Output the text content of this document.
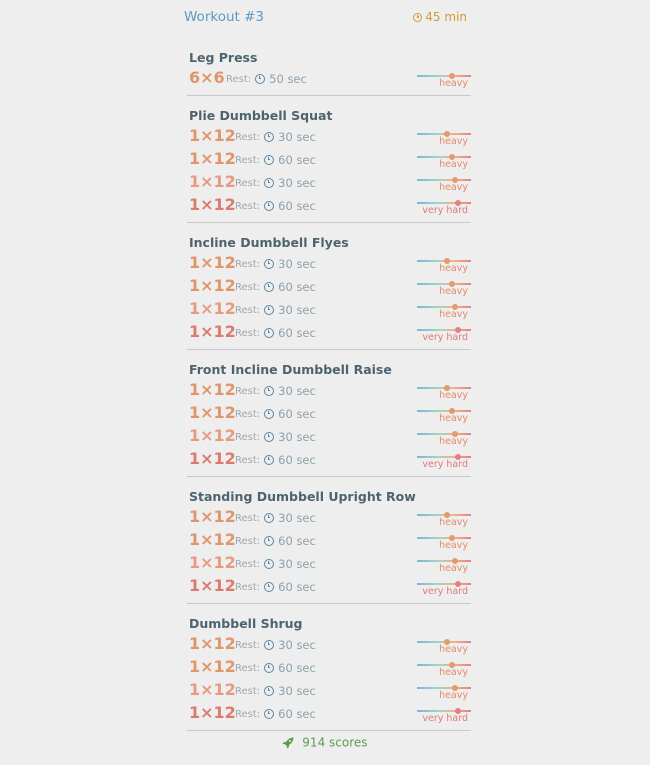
Workout #3	45 min
Leg Press
6×6 Rest: 50 sec	heavy
Plie Dumbbell Squat
1×12 Rest: 30 sec	heavy
1×12 Rest: 60 sec	heavy
1×12 Rest: 30 sec	heavy
1×12 Rest: 60 sec	very hard
Incline Dumbbell Flyes
1×12 Rest: 30 sec	heavy
1×12 Rest: 60 sec	heavy
1×12 Rest: 30 sec	heavy
1×12 Rest: 60 sec	very hard
Front Incline Dumbbell Raise
1×12 Rest: 30 sec	heavy
1×12 Rest: 60 sec	heavy
1×12 Rest: 30 sec	heavy
1×12 Rest: 60 sec	very hard
Standing Dumbbell Upright Row
1×12 Rest: 30 sec	heavy
1×12 Rest: 60 sec	heavy
1×12 Rest: 30 sec	heavy
1×12 Rest: 60 sec	very hard
Dumbbell Shrug
1×12 Rest: 30 sec	heavy
1×12 Rest: 60 sec	heavy
1×12 Rest: 30 sec	heavy
1×12 Rest: 60 sec	very hard
914 scores
